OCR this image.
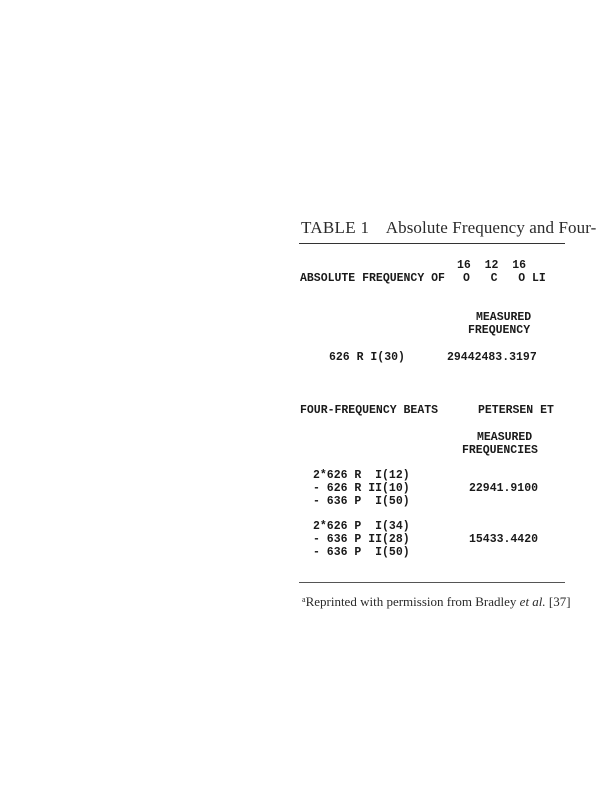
TABLE 1 Absolute Frequency and Four-
16  12  16
ABSOLUTE FREQUENCY OF O   C   O LI
MEASURED
FREQUENCY
626 R I(30)	29442483.3197
FOUR-FREQUENCY BEATS	PETERSEN ET
MEASURED
FREQUENCIES
2*626 R  I(12)
- 626 R II(10)
- 636 P  I(50)
22941.9100
2*626 P  I(34)
- 636 P II(28)
- 636 P  I(50)
15433.4420
$^a$Reprinted with permission from Bradley et al. [37]
